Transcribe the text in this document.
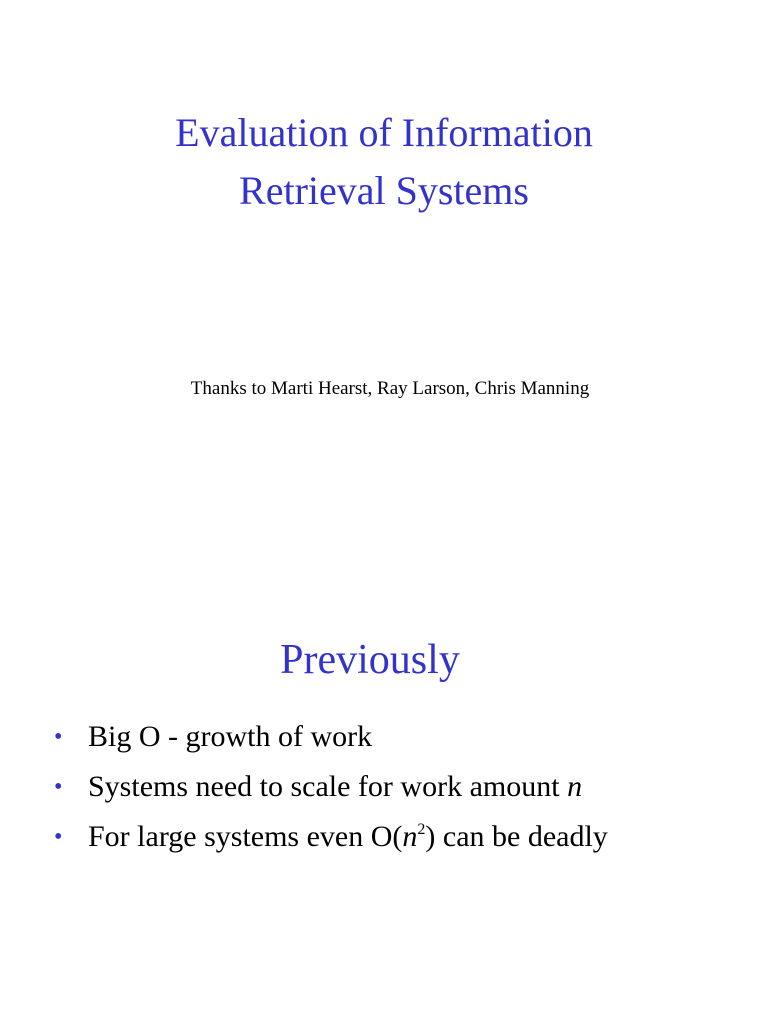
Evaluation of Information
Retrieval Systems

Thanks to Marti Hearst, Ray Larson, Chris Manning

Previously
• Big O - growth of work
• Systems need to scale for work amount n
• For large systems even $O(n^2)$ can be deadly
